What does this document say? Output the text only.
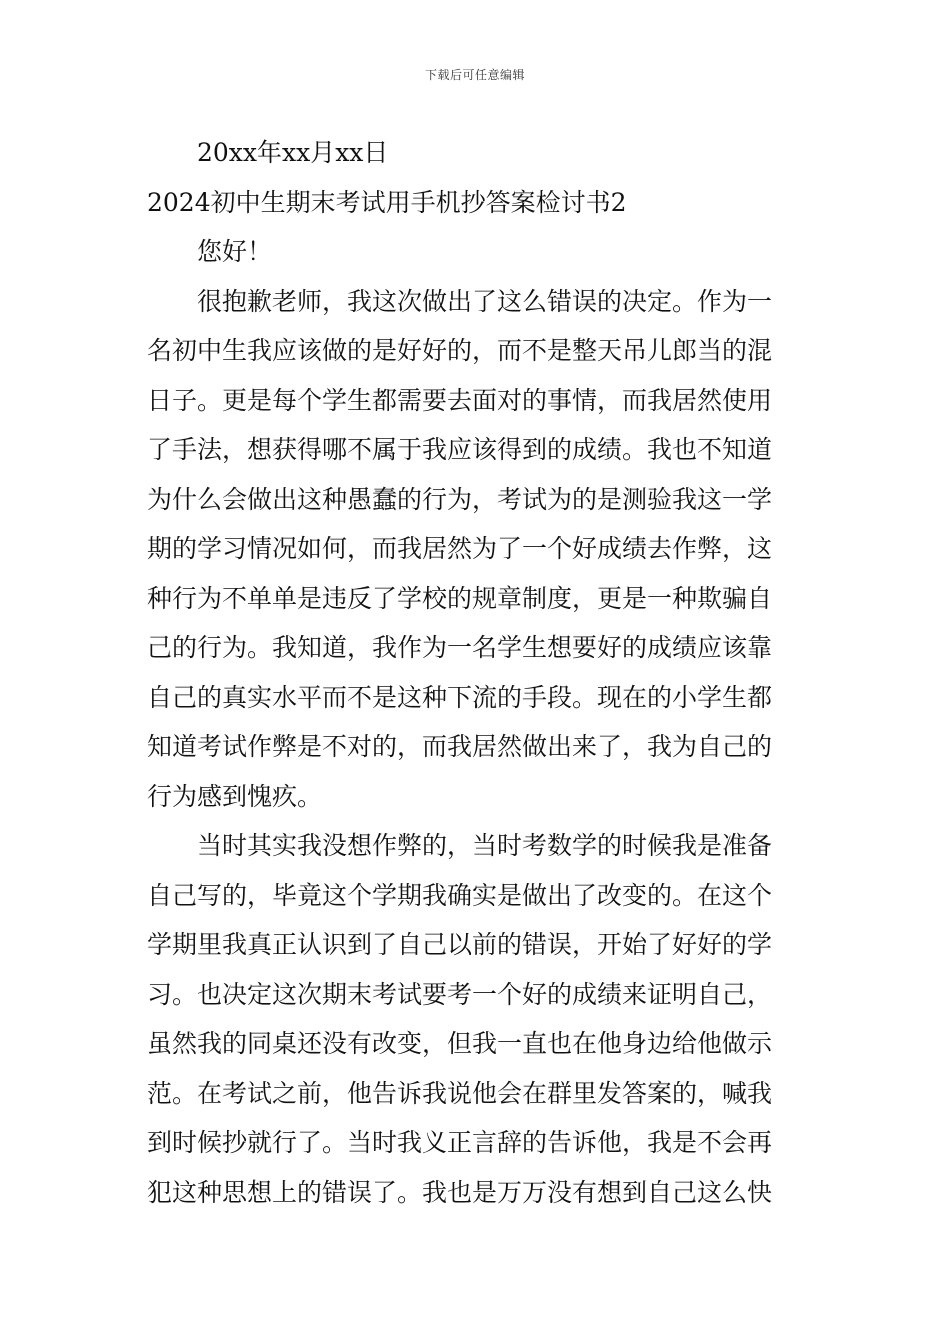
下载后可任意编辑
20xx年xx月xx日
2024初中生期末考试用手机抄答案检讨书2
您好！
很抱歉老师，我这次做出了这么错误的决定。作为一
名初中生我应该做的是好好的，而不是整天吊儿郎当的混
日子。更是每个学生都需要去面对的事情，而我居然使用
了手法，想获得哪不属于我应该得到的成绩。我也不知道
为什么会做出这种愚蠢的行为，考试为的是测验我这一学
期的学习情况如何，而我居然为了一个好成绩去作弊，这
种行为不单单是违反了学校的规章制度，更是一种欺骗自
己的行为。我知道，我作为一名学生想要好的成绩应该靠
自己的真实水平而不是这种下流的手段。现在的小学生都
知道考试作弊是不对的，而我居然做出来了，我为自己的
行为感到愧疚。
当时其实我没想作弊的，当时考数学的时候我是准备
自己写的，毕竟这个学期我确实是做出了改变的。在这个
学期里我真正认识到了自己以前的错误，开始了好好的学
习。也决定这次期末考试要考一个好的成绩来证明自己，
虽然我的同桌还没有改变，但我一直也在他身边给他做示
范。在考试之前，他告诉我说他会在群里发答案的，喊我
到时候抄就行了。当时我义正言辞的告诉他，我是不会再
犯这种思想上的错误了。我也是万万没有想到自己这么快
